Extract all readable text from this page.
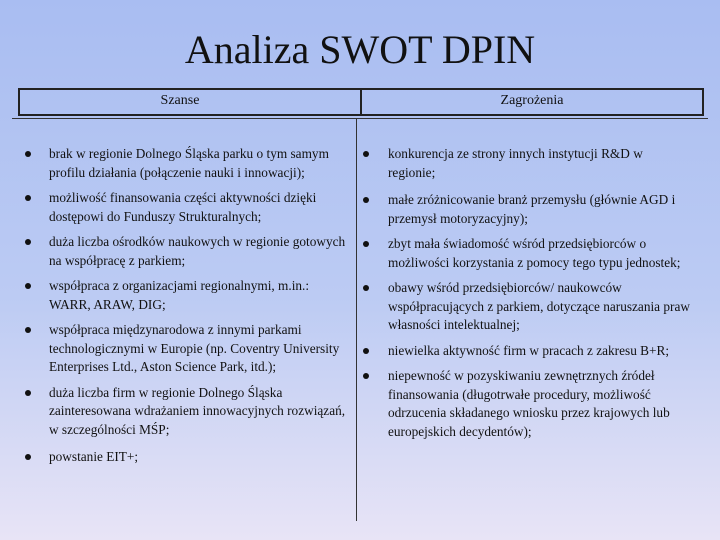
Analiza SWOT DPIN
Szanse	Zagrożenia
brak w regionie Dolnego Śląska parku o tym samym profilu działania (połączenie nauki i innowacji);
możliwość finansowania części aktywności dzięki dostępowi do Funduszy Strukturalnych;
duża liczba ośrodków naukowych w regionie gotowych na współpracę z parkiem;
współpraca z organizacjami regionalnymi, m.in.: WARR, ARAW, DIG;
współpraca międzynarodowa z innymi parkami technologicznymi w Europie (np. Coventry University Enterprises Ltd., Aston Science Park, itd.);
duża liczba firm w regionie Dolnego Śląska zainteresowana wdrażaniem innowacyjnych rozwiązań, w szczególności MŚP;
powstanie EIT+;
konkurencja ze strony innych instytucji R&D w regionie;
małe zróżnicowanie branż przemysłu (głównie AGD i przemysł motoryzacyjny);
zbyt mała świadomość wśród przedsiębiorców o możliwości korzystania z pomocy tego typu jednostek;
obawy wśród przedsiębiorców/ naukowców współpracujących z parkiem, dotyczące naruszania praw własności intelektualnej;
niewielka aktywność firm w pracach z zakresu B+R;
niepewność w pozyskiwaniu zewnętrznych źródeł finansowania (długotrwałe procedury, możliwość odrzucenia składanego wniosku przez krajowych lub europejskich decydentów);
